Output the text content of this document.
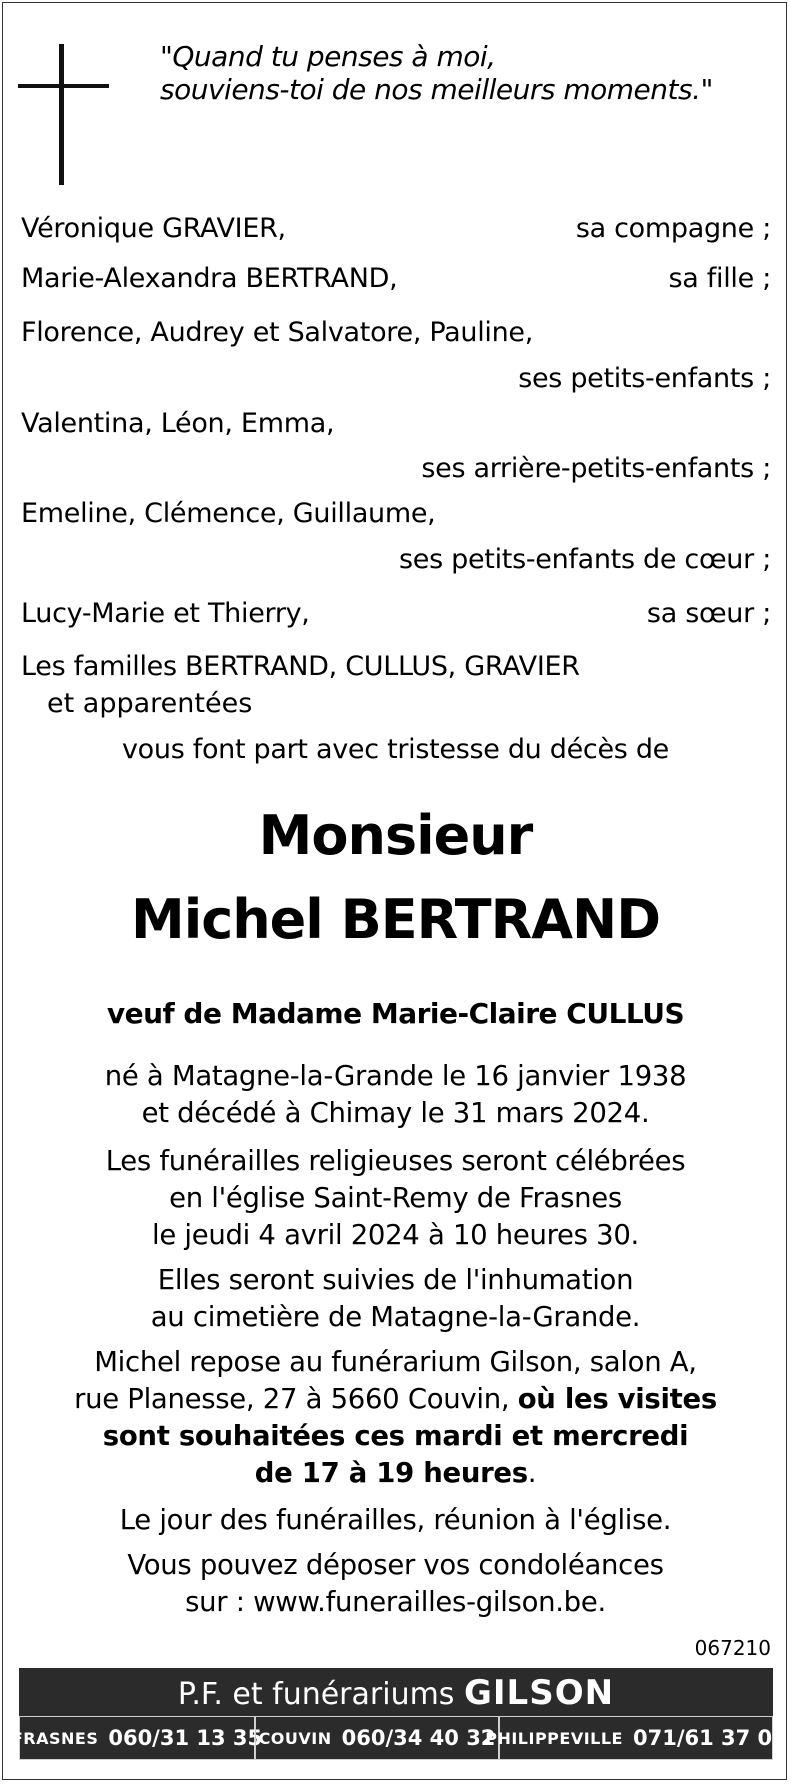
"Quand tu penses à moi,
souviens-toi de nos meilleurs moments."
Véronique GRAVIER,	sa compagne ;
Marie-Alexandra BERTRAND,	sa fille ;
Florence, Audrey et Salvatore, Pauline,
ses petits-enfants ;
Valentina, Léon, Emma,
ses arrière-petits-enfants ;
Emeline, Clémence, Guillaume,
ses petits-enfants de cœur ;
Lucy-Marie et Thierry,	sa sœur ;
Les familles BERTRAND, CULLUS, GRAVIER
et apparentées
vous font part avec tristesse du décès de
Monsieur
Michel BERTRAND
veuf de Madame Marie-Claire CULLUS
né à Matagne-la-Grande le 16 janvier 1938
et décédé à Chimay le 31 mars 2024.
Les funérailles religieuses seront célébrées
en l'église Saint-Remy de Frasnes
le jeudi 4 avril 2024 à 10 heures 30.
Elles seront suivies de l'inhumation
au cimetière de Matagne-la-Grande.
Michel repose au funérarium Gilson, salon A,
rue Planesse, 27 à 5660 Couvin, où les visites
sont souhaitées ces mardi et mercredi
de 17 à 19 heures.
Le jour des funérailles, réunion à l'église.
Vous pouvez déposer vos condoléances
sur : www.funerailles-gilson.be.
067210
P.F. et funérariums GILSON
FRASNES 060/31 13 35
COUVIN 060/34 40 32
PHILIPPEVILLE 071/61 37 01
